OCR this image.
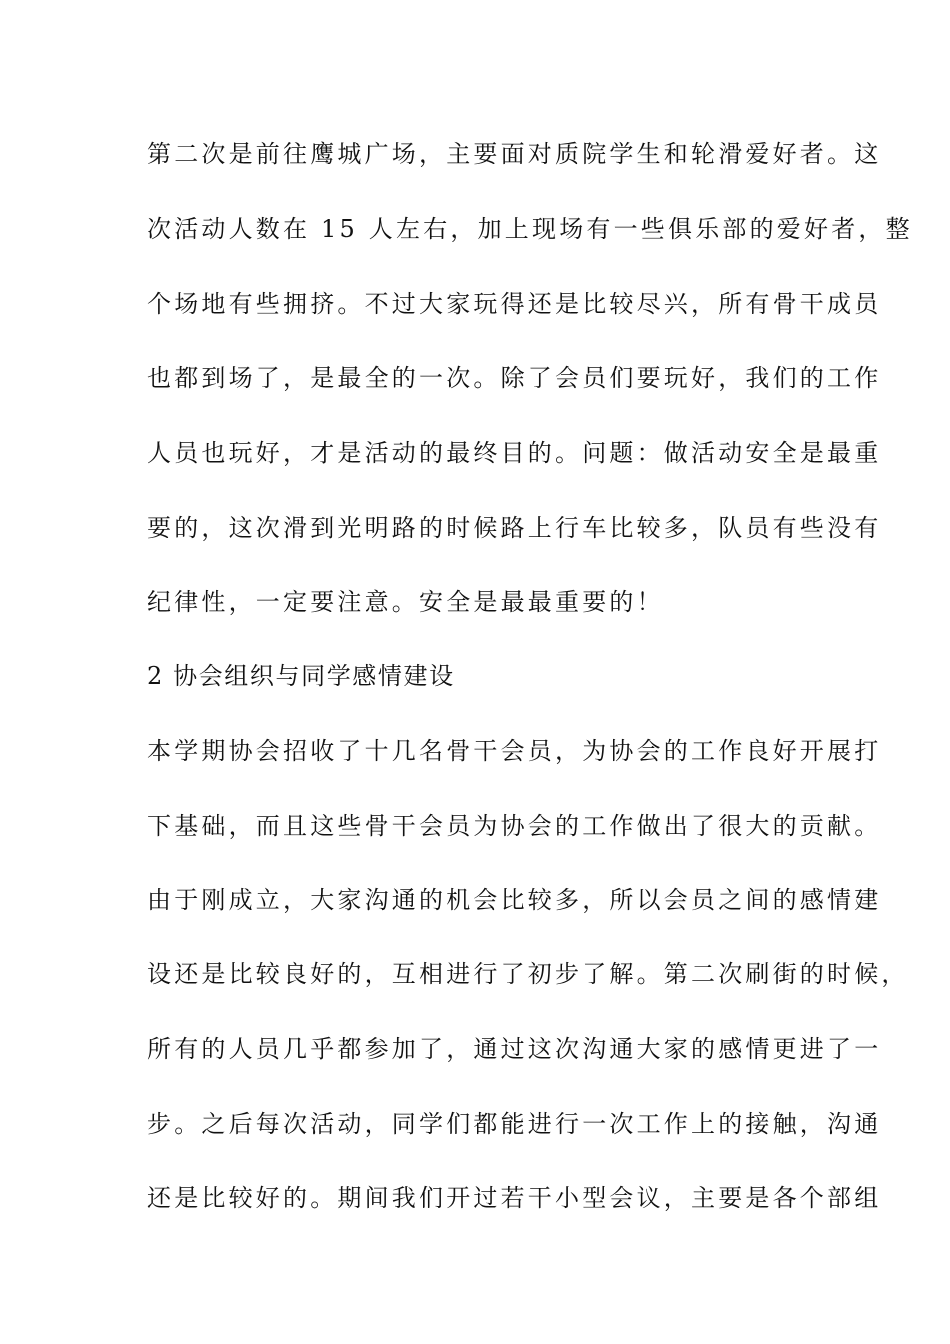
第二次是前往鹰城广场，主要面对质院学生和轮滑爱好者。这
次活动人数在 15 人左右，加上现场有一些俱乐部的爱好者，整
个场地有些拥挤。不过大家玩得还是比较尽兴，所有骨干成员
也都到场了，是最全的一次。除了会员们要玩好，我们的工作
人员也玩好，才是活动的最终目的。问题：做活动安全是最重
要的，这次滑到光明路的时候路上行车比较多，队员有些没有
纪律性，一定要注意。安全是最最重要的！
2 协会组织与同学感情建设
本学期协会招收了十几名骨干会员，为协会的工作良好开展打
下基础，而且这些骨干会员为协会的工作做出了很大的贡献。
由于刚成立，大家沟通的机会比较多，所以会员之间的感情建
设还是比较良好的，互相进行了初步了解。第二次刷街的时候，
所有的人员几乎都参加了，通过这次沟通大家的感情更进了一
步。之后每次活动，同学们都能进行一次工作上的接触，沟通
还是比较好的。期间我们开过若干小型会议，主要是各个部组
